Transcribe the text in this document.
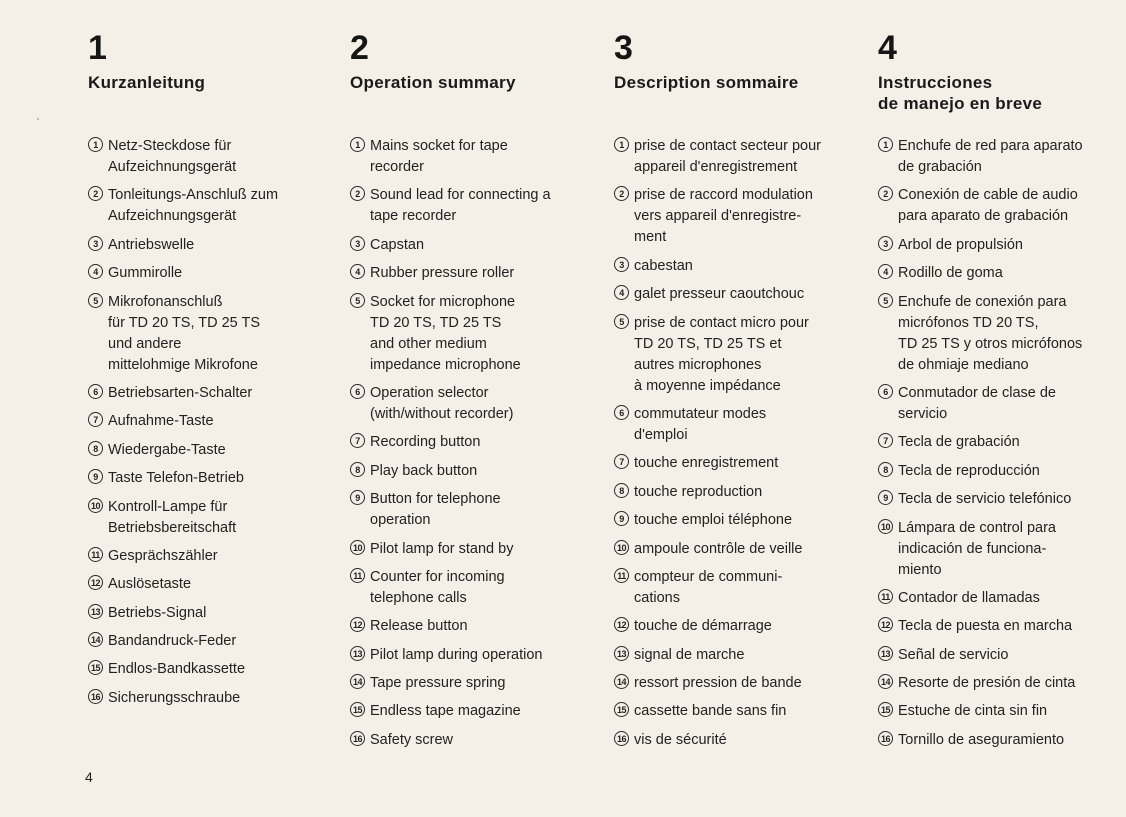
1
Kurzanleitung
1 Netz-Steckdose für
Aufzeichnungsgerät
2 Tonleitungs-Anschluß zum
Aufzeichnungsgerät
3 Antriebswelle
4 Gummirolle
5 Mikrofonanschluß
für TD 20 TS, TD 25 TS
und andere
mittelohmige Mikrofone
6 Betriebsarten-Schalter
7 Aufnahme-Taste
8 Wiedergabe-Taste
9 Taste Telefon-Betrieb
10 Kontroll-Lampe für
Betriebsbereitschaft
11 Gesprächszähler
12 Auslösetaste
13 Betriebs-Signal
14 Bandandruck-Feder
15 Endlos-Bandkassette
16 Sicherungsschraube
2
Operation summary
1 Mains socket for tape
recorder
2 Sound lead for connecting a
tape recorder
3 Capstan
4 Rubber pressure roller
5 Socket for microphone
TD 20 TS, TD 25 TS
and other medium
impedance microphone
6 Operation selector
(with/without recorder)
7 Recording button
8 Play back button
9 Button for telephone
operation
10 Pilot lamp for stand by
11 Counter for incoming
telephone calls
12 Release button
13 Pilot lamp during operation
14 Tape pressure spring
15 Endless tape magazine
16 Safety screw
3
Description sommaire
1 prise de contact secteur pour
appareil d'enregistrement
2 prise de raccord modulation
vers appareil d'enregistre-
ment
3 cabestan
4 galet presseur caoutchouc
5 prise de contact micro pour
TD 20 TS, TD 25 TS et
autres microphones
à moyenne impédance
6 commutateur modes
d'emploi
7 touche enregistrement
8 touche reproduction
9 touche emploi téléphone
10 ampoule contrôle de veille
11 compteur de communi-
cations
12 touche de démarrage
13 signal de marche
14 ressort pression de bande
15 cassette bande sans fin
16 vis de sécurité
4
Instrucciones
de manejo en breve
1 Enchufe de red para aparato
de grabación
2 Conexión de cable de audio
para aparato de grabación
3 Arbol de propulsión
4 Rodillo de goma
5 Enchufe de conexión para
micrófonos TD 20 TS,
TD 25 TS y otros micrófonos
de ohmiaje mediano
6 Conmutador de clase de
servicio
7 Tecla de grabación
8 Tecla de reproducción
9 Tecla de servicio telefónico
10 Lámpara de control para
indicación de funciona-
miento
11 Contador de llamadas
12 Tecla de puesta en marcha
13 Señal de servicio
14 Resorte de presión de cinta
15 Estuche de cinta sin fin
16 Tornillo de aseguramiento
4
